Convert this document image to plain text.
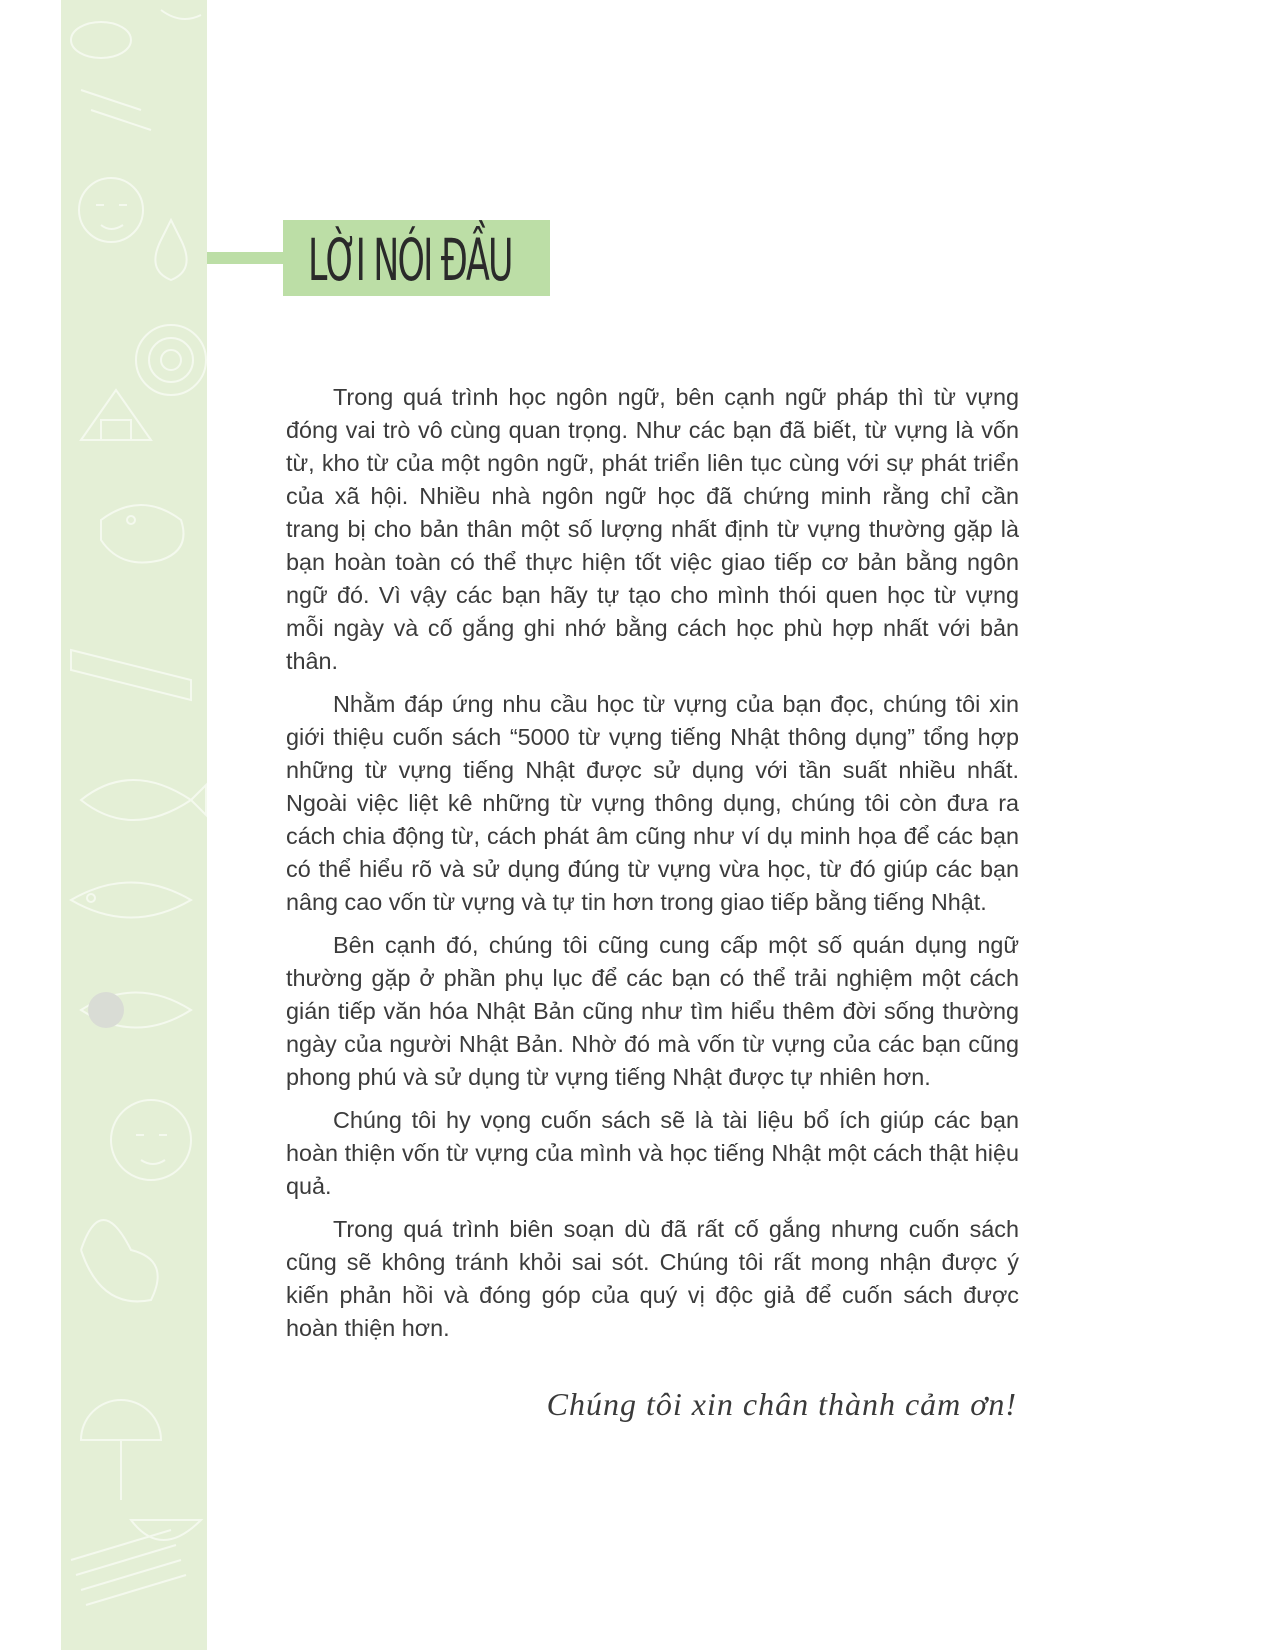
LỜI NÓI ĐẦU

Trong quá trình học ngôn ngữ, bên cạnh ngữ pháp thì từ vựng đóng vai trò vô cùng quan trọng. Như các bạn đã biết, từ vựng là vốn từ, kho từ của một ngôn ngữ, phát triển liên tục cùng với sự phát triển của xã hội. Nhiều nhà ngôn ngữ học đã chứng minh rằng chỉ cần trang bị cho bản thân một số lượng nhất định từ vựng thường gặp là bạn hoàn toàn có thể thực hiện tốt việc giao tiếp cơ bản bằng ngôn ngữ đó. Vì vậy các bạn hãy tự tạo cho mình thói quen học từ vựng mỗi ngày và cố gắng ghi nhớ bằng cách học phù hợp nhất với bản thân.

Nhằm đáp ứng nhu cầu học từ vựng của bạn đọc, chúng tôi xin giới thiệu cuốn sách “5000 từ vựng tiếng Nhật thông dụng” tổng hợp những từ vựng tiếng Nhật được sử dụng với tần suất nhiều nhất. Ngoài việc liệt kê những từ vựng thông dụng, chúng tôi còn đưa ra cách chia động từ, cách phát âm cũng như ví dụ minh họa để các bạn có thể hiểu rõ và sử dụng đúng từ vựng vừa học, từ đó giúp các bạn nâng cao vốn từ vựng và tự tin hơn trong giao tiếp bằng tiếng Nhật.

Bên cạnh đó, chúng tôi cũng cung cấp một số quán dụng ngữ thường gặp ở phần phụ lục để các bạn có thể trải nghiệm một cách gián tiếp văn hóa Nhật Bản cũng như tìm hiểu thêm đời sống thường ngày của người Nhật Bản. Nhờ đó mà vốn từ vựng của các bạn cũng phong phú và sử dụng từ vựng tiếng Nhật được tự nhiên hơn.

Chúng tôi hy vọng cuốn sách sẽ là tài liệu bổ ích giúp các bạn hoàn thiện vốn từ vựng của mình và học tiếng Nhật một cách thật hiệu quả.

Trong quá trình biên soạn dù đã rất cố gắng nhưng cuốn sách cũng sẽ không tránh khỏi sai sót. Chúng tôi rất mong nhận được ý kiến phản hồi và đóng góp của quý vị độc giả để cuốn sách được hoàn thiện hơn.

Chúng tôi xin chân thành cảm ơn!
